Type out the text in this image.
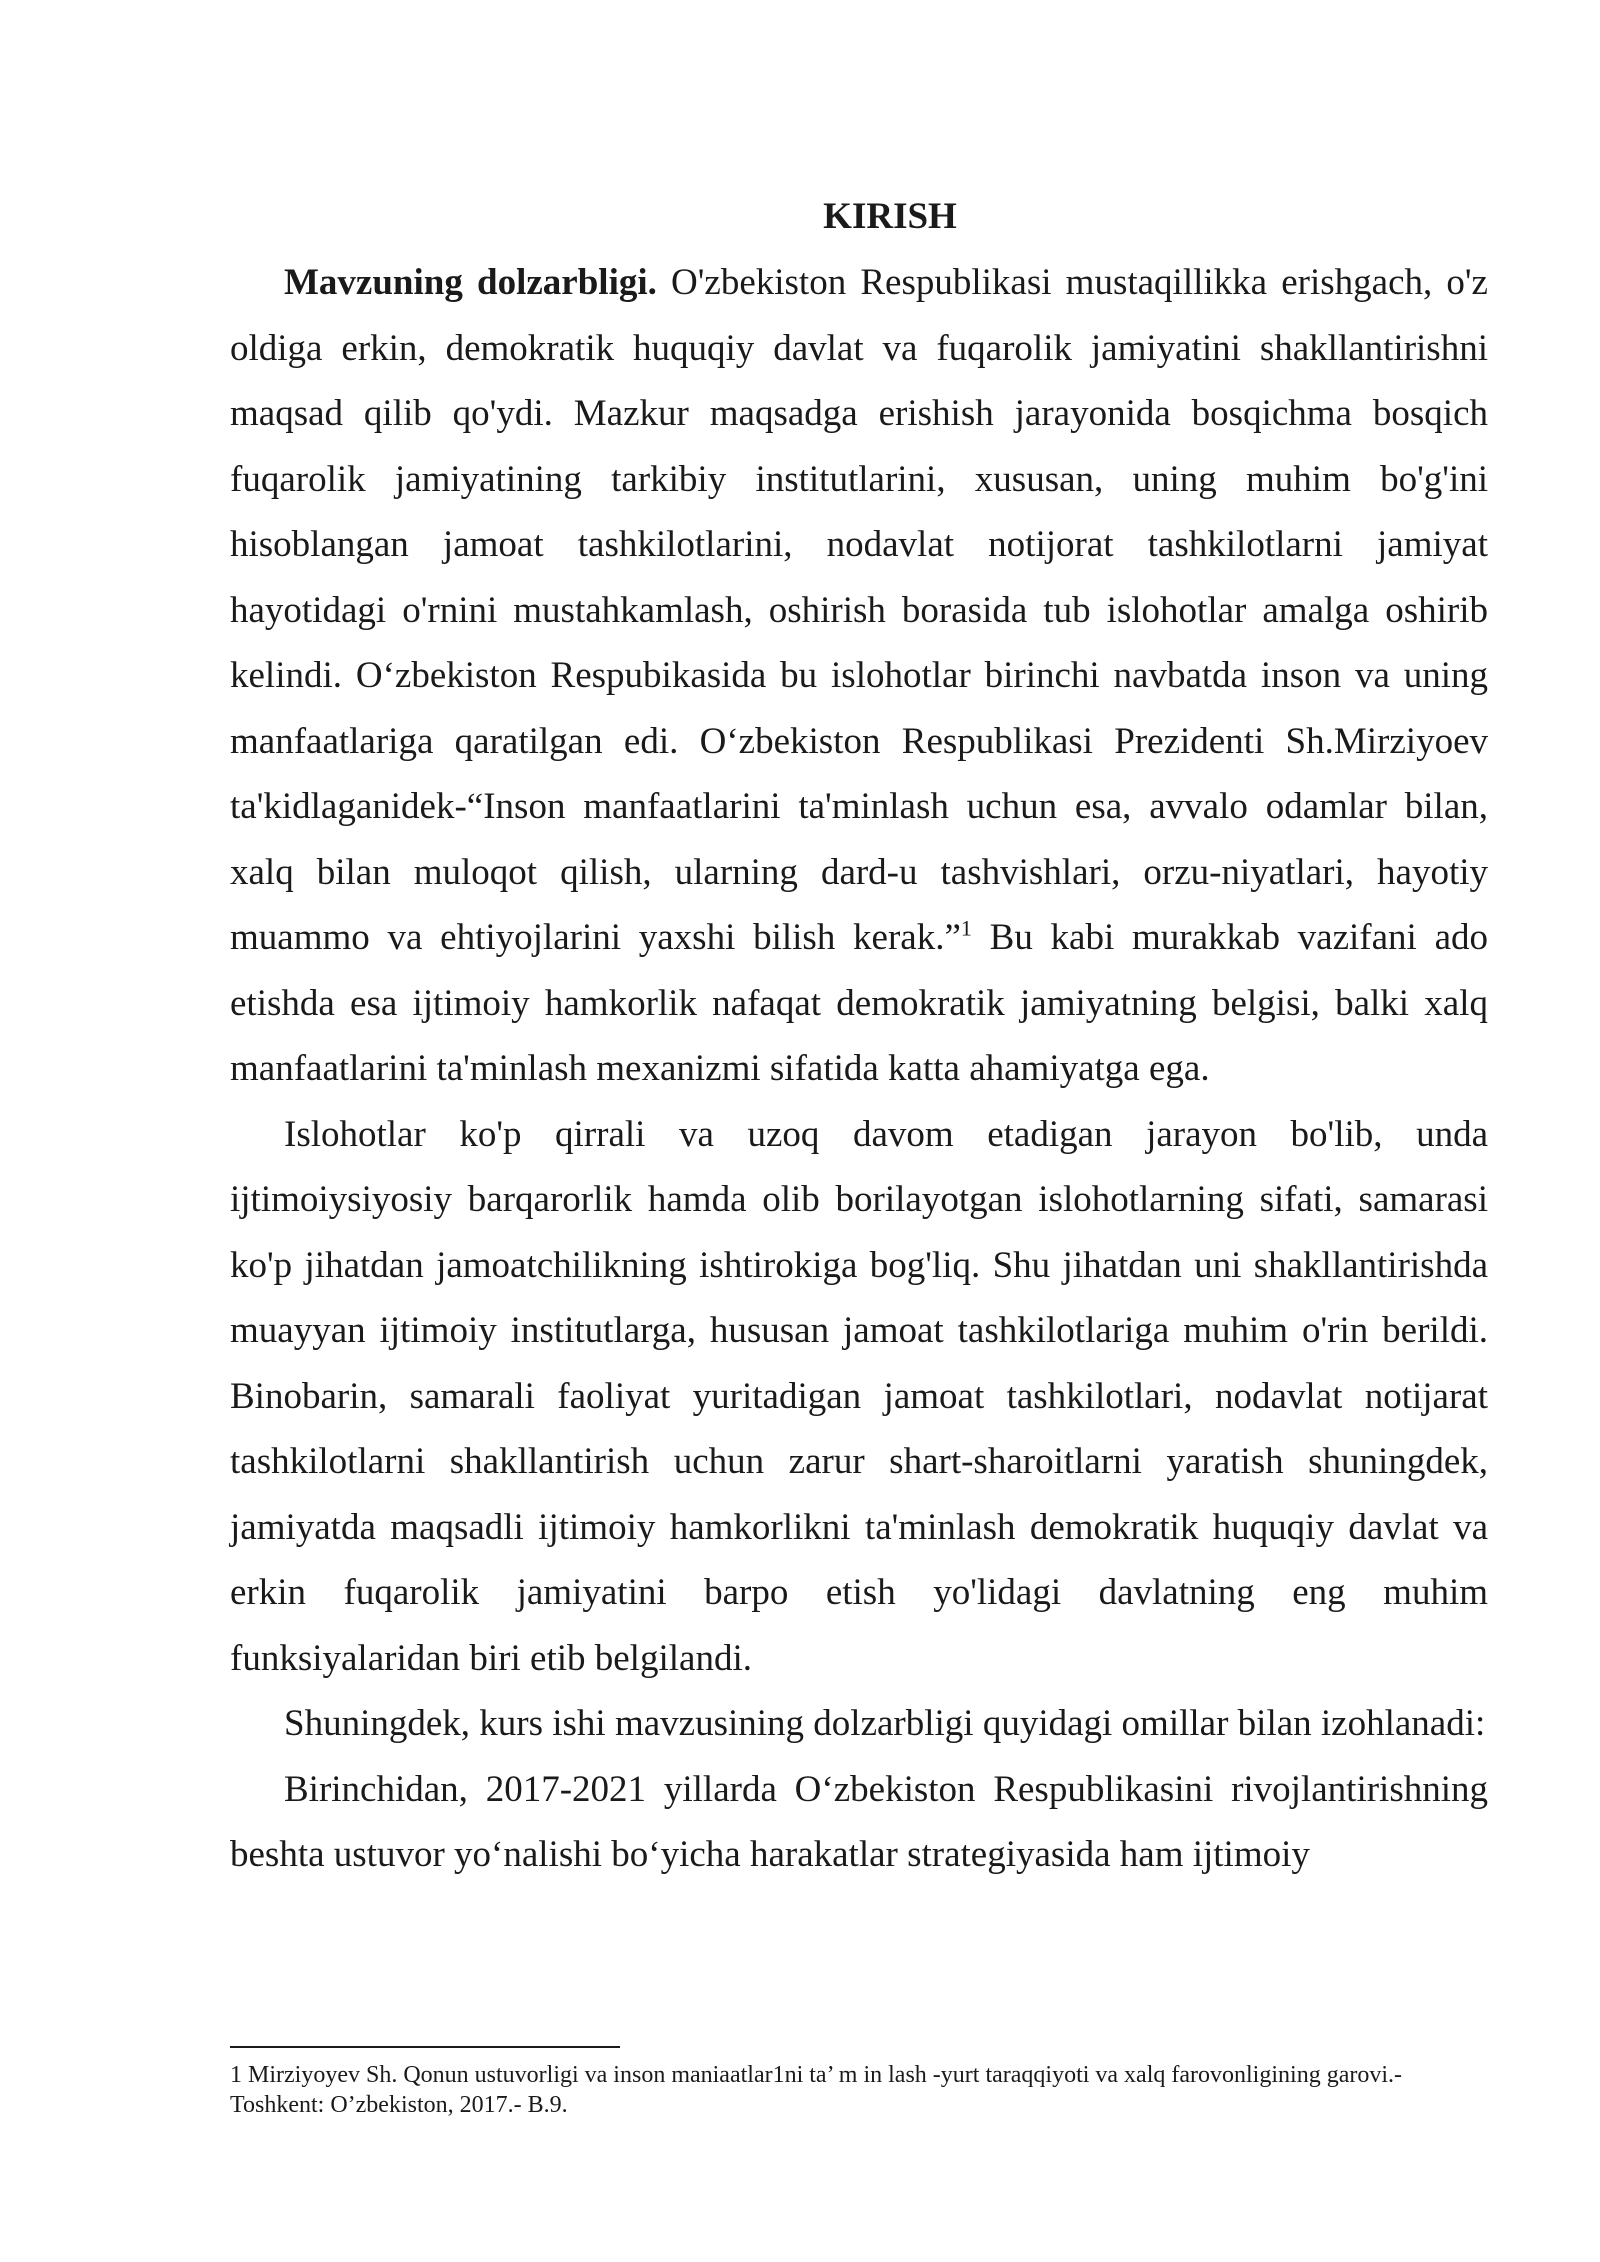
KIRISH

Mavzuning dolzarbligi. O'zbekiston Respublikasi mustaqillikka erishgach, o'z oldiga erkin, demokratik huquqiy davlat va fuqarolik jamiyatini shakllantirishni maqsad qilib qo'ydi. Mazkur maqsadga erishish jarayonida bosqichma bosqich fuqarolik jamiyatining tarkibiy institutlarini, xususan, uning muhim bo'g'ini hisoblangan jamoat tashkilotlarini, nodavlat notijorat tashkilotlarni jamiyat hayotidagi o'rnini mustahkamlash, oshirish borasida tub islohotlar amalga oshirib kelindi. O‘zbekiston Respubikasida bu islohotlar birinchi navbatda inson va uning manfaatlariga qaratilgan edi. O‘zbekiston Respublikasi Prezidenti Sh.Mirziyoev ta'kidlaganidek-“Inson manfaatlarini ta'minlash uchun esa, avvalo odamlar bilan, xalq bilan muloqot qilish, ularning dard-u tashvishlari, orzu-niyatlari, hayotiy muammo va ehtiyojlarini yaxshi bilish kerak.”$^1$ Bu kabi murakkab vazifani ado etishda esa ijtimoiy hamkorlik nafaqat demokratik jamiyatning belgisi, balki xalq manfaatlarini ta'minlash mexanizmi sifatida katta ahamiyatga ega.

Islohotlar ko'p qirrali va uzoq davom etadigan jarayon bo'lib, unda ijtimoiysiyosiy barqarorlik hamda olib borilayotgan islohotlarning sifati, samarasi ko'p jihatdan jamoatchilikning ishtirokiga bog'liq. Shu jihatdan uni shakllantirishda muayyan ijtimoiy institutlarga, hususan jamoat tashkilotlariga muhim o'rin berildi. Binobarin, samarali faoliyat yuritadigan jamoat tashkilotlari, nodavlat notijarat tashkilotlarni shakllantirish uchun zarur shart-sharoitlarni yaratish shuningdek, jamiyatda maqsadli ijtimoiy hamkorlikni ta'minlash demokratik huquqiy davlat va erkin fuqarolik jamiyatini barpo etish yo'lidagi davlatning eng muhim funksiyalaridan biri etib belgilandi.

Shuningdek, kurs ishi mavzusining dolzarbligi quyidagi omillar bilan izohlanadi:

Birinchidan, 2017-2021 yillarda O‘zbekiston Respublikasini rivojlantirishning beshta ustuvor yo‘nalishi bo‘yicha harakatlar strategiyasida ham ijtimoiy

1 Mirziyoyev Sh. Qonun ustuvorligi va inson maniaatlar1ni ta’ m in lash -yurt taraqqiyoti va xalq farovonligining garovi.-Toshkent: O’zbekiston, 2017.- B.9.
